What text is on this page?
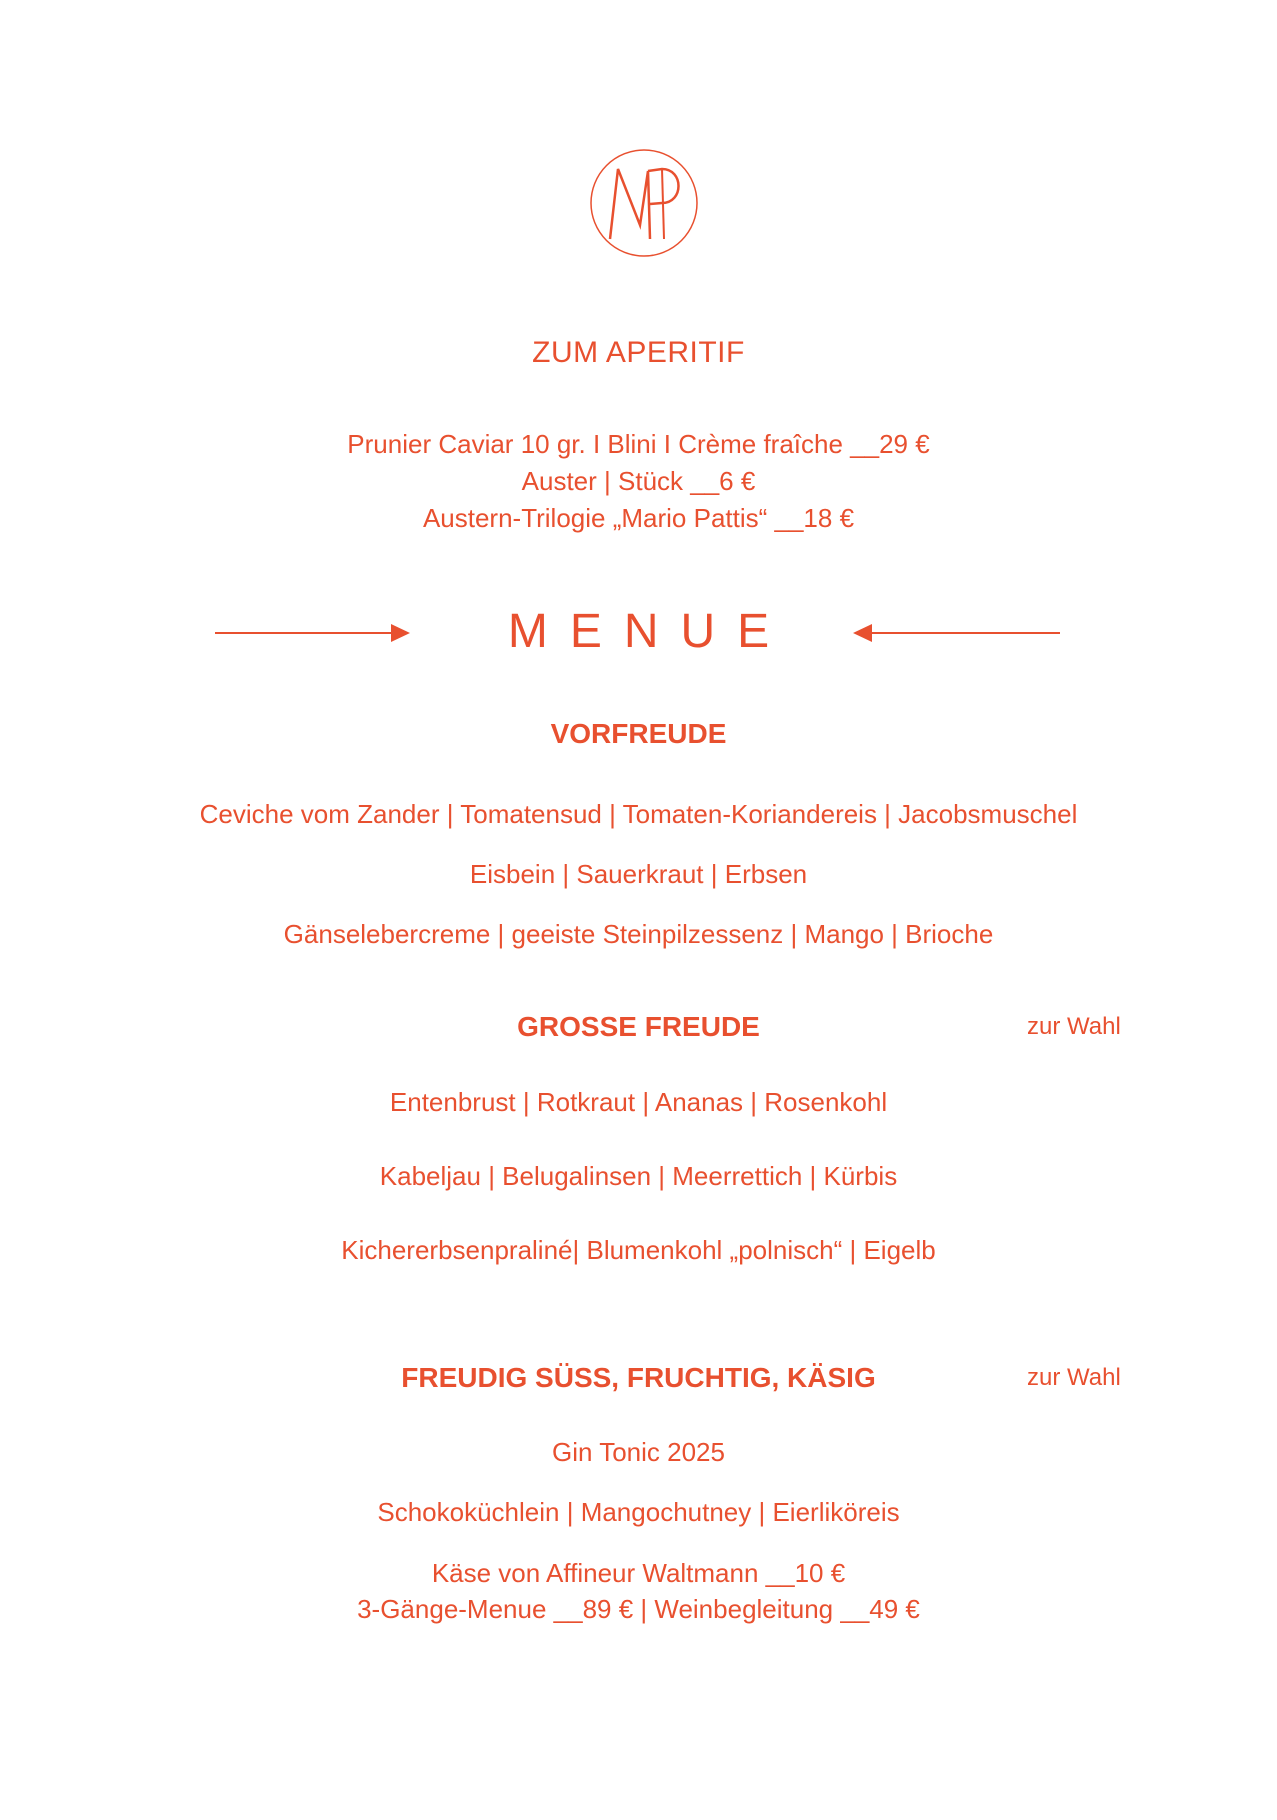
ZUM APERITIF
Prunier Caviar 10 gr. I Blini I Crème fraîche __29 €
Auster | Stück __6 €
Austern-Trilogie „Mario Pattis“ __18 €
MENUE
VORFREUDE
Ceviche vom Zander | Tomatensud | Tomaten-Koriandereis | Jacobsmuschel
Eisbein | Sauerkraut | Erbsen
Gänselebercreme | geeiste Steinpilzessenz | Mango | Brioche
GROSSE FREUDE	zur Wahl
Entenbrust | Rotkraut | Ananas | Rosenkohl
Kabeljau | Belugalinsen | Meerrettich | Kürbis
Kichererbsenpraliné| Blumenkohl „polnisch“ | Eigelb
FREUDIG SÜSS, FRUCHTIG, KÄSIG	zur Wahl
Gin Tonic 2025
Schokoküchlein | Mangochutney | Eierliköreis
Käse von Affineur Waltmann __10 €
3-Gänge-Menue __89 € | Weinbegleitung __49 €
